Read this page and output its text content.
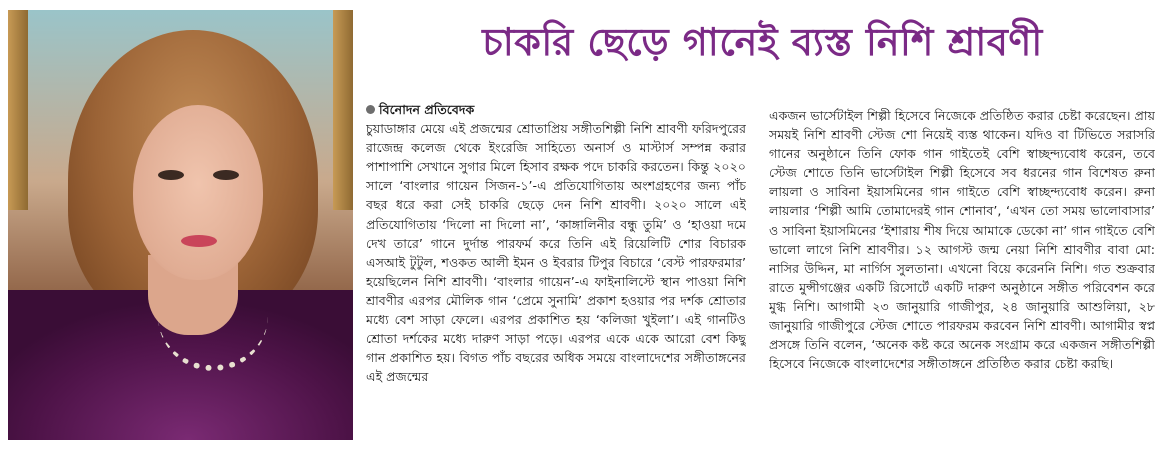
চাকরি ছেড়ে গানেই ব্যস্ত নিশি শ্রাবণী
বিনোদন প্রতিবেদক
চুয়াডাঙ্গার মেয়ে এই প্রজন্মের শ্রোতাপ্রিয় সঙ্গীতশিল্পী নিশি শ্রাবণী ফরিদপুরের রাজেন্দ্র কলেজ থেকে ইংরেজি সাহিত্যে অনার্স ও মাস্টার্স সম্পন্ন করার পাশাপাশি সেখানে সুগার মিলে হিসাব রক্ষক পদে চাকরি করতেন। কিন্তু ২০২০ সালে ‘বাংলার গায়েন সিজন-১’-এ প্রতিযোগিতায় অংশগ্রহণের জন্য পাঁচ বছর ধরে করা সেই চাকরি ছেড়ে দেন নিশি শ্রাবণী। ২০২০ সালে এই প্রতিযোগিতায় ‘দিলো না দিলো না’, ‘কাঙ্গালিনীর বন্ধু তুমি’ ও ‘হাওয়া দমে দেখ তারে’ গানে দুর্দান্ত পারফর্ম করে তিনি এই রিয়েলিটি শোর বিচারক এসআই টুটুল, শওকত আলী ইমন ও ইবরার টিপুর বিচারে ‘বেস্ট পারফরমার’ হয়েছিলেন নিশি শ্রাবণী। ‘বাংলার গায়েন’-এ ফাইনালিস্টে স্থান পাওয়া নিশি শ্রাবণীর এরপর মৌলিক গান ‘প্রেমে সুনামি’ প্রকাশ হওয়ার পর দর্শক শ্রোতার মধ্যে বেশ সাড়া ফেলে। এরপর প্রকাশিত হয় ‘কলিজা খুইলা’। এই গানটিও শ্রোতা দর্শকের মধ্যে দারুণ সাড়া পড়ে। এরপর একে একে আরো বেশ কিছু গান প্রকাশিত হয়। বিগত পাঁচ বছরের অধিক সময়ে বাংলাদেশের সঙ্গীতাঙ্গনের এই প্রজন্মের
একজন ভার্সেটাইল শিল্পী হিসেবে নিজেকে প্রতিষ্ঠিত করার চেষ্টা করেছেন। প্রায় সময়ই নিশি শ্রাবণী স্টেজ শো নিয়েই ব্যস্ত থাকেন। যদিও বা টিভিতে সরাসরি গানের অনুষ্ঠানে তিনি ফোক গান গাইতেই বেশি স্বাচ্ছন্দ্যবোধ করেন, তবে স্টেজ শোতে তিনি ভার্সেটাইল শিল্পী হিসেবে সব ধরনের গান বিশেষত রুনা লায়লা ও সাবিনা ইয়াসমিনের গান গাইতে বেশি স্বাচ্ছন্দ্যবোধ করেন। রুনা লায়লার ‘শিল্পী আমি তোমাদেরই গান শোনাব’, ‘এখন তো সময় ভালোবাসার’ ও সাবিনা ইয়াসমিনের ‘ইশারায় শীষ দিয়ে আমাকে ডেকো না’ গান গাইতে বেশি ভালো লাগে নিশি শ্রাবণীর। ১২ আগস্ট জন্ম নেয়া নিশি শ্রাবণীর বাবা মো: নাসির উদ্দিন, মা নার্গিস সুলতানা। এখনো বিয়ে করেননি নিশি। গত শুক্রবার রাতে মুন্সীগঞ্জের একটি রিসোর্টে একটি দারুণ অনুষ্ঠানে সঙ্গীত পরিবেশন করে মুগ্ধ নিশি। আগামী ২৩ জানুয়ারি গাজীপুর, ২৪ জানুয়ারি আশুলিয়া, ২৮ জানুয়ারি গাজীপুরে স্টেজ শোতে পারফরম করবেন নিশি শ্রাবণী। আগামীর স্বপ্ন প্রসঙ্গে তিনি বলেন, ‘অনেক কষ্ট করে অনেক সংগ্রাম করে একজন সঙ্গীতশিল্পী হিসেবে নিজেকে বাংলাদেশের সঙ্গীতাঙ্গনে প্রতিষ্ঠিত করার চেষ্টা করছি।
